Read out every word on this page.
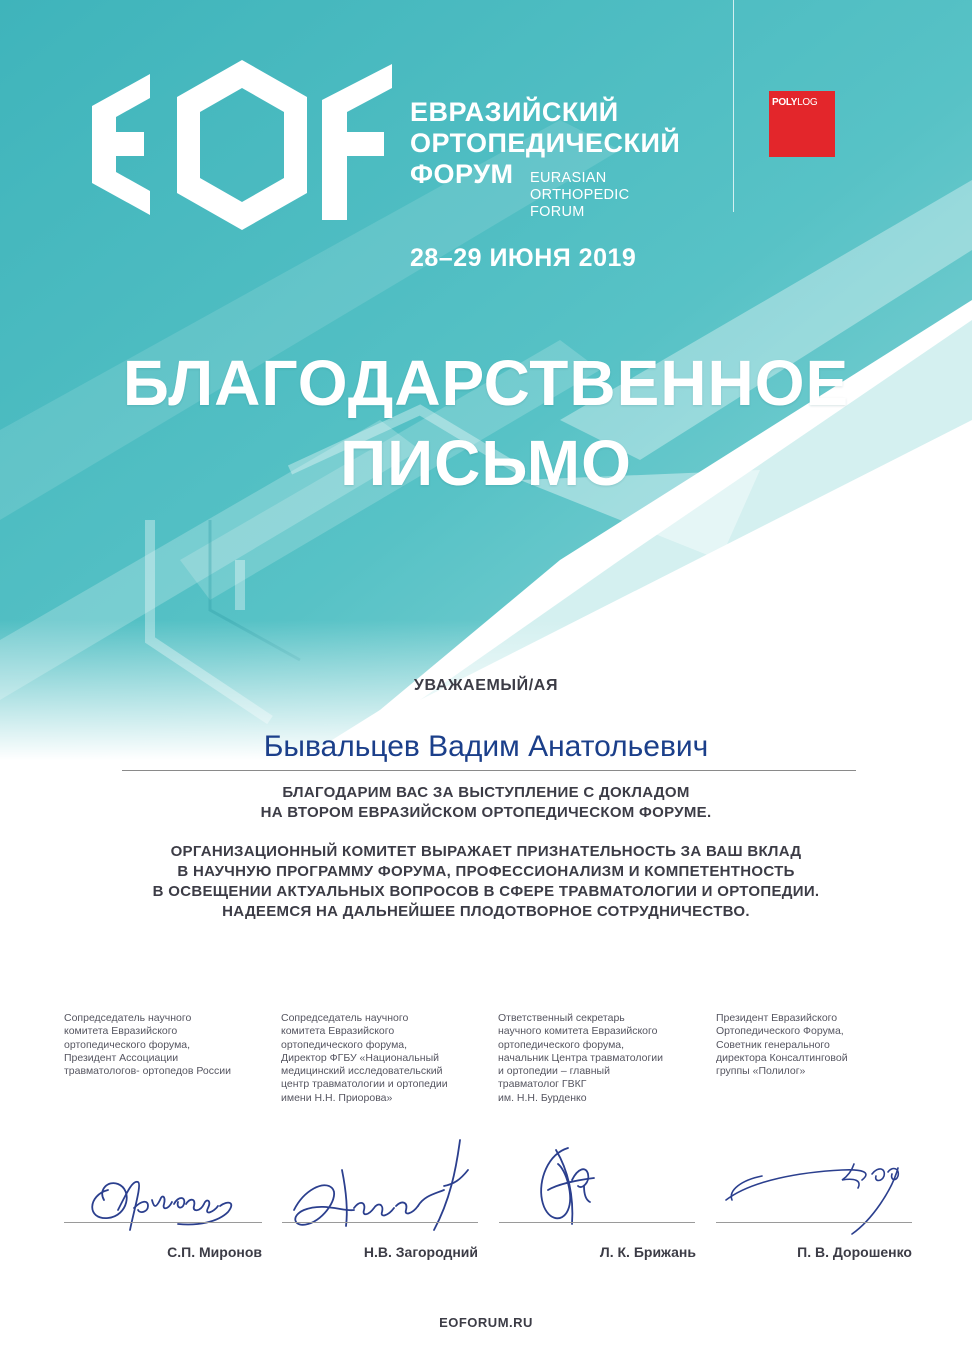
ЕВРАЗИЙСКИЙ
ОРТОПЕДИЧЕСКИЙ
ФОРУМ	EURASIAN
ORTHOPEDIC
FORUM
28–29 ИЮНЯ 2019
POLYLOG
БЛАГОДАРСТВЕННОЕ
ПИСЬМО
УВАЖАЕМЫЙ/АЯ
Бывальцев Вадим Анатольевич
БЛАГОДАРИМ ВАС ЗА ВЫСТУПЛЕНИЕ С ДОКЛАДОМ
НА ВТОРОМ ЕВРАЗИЙСКОМ ОРТОПЕДИЧЕСКОМ ФОРУМЕ.
ОРГАНИЗАЦИОННЫЙ КОМИТЕТ ВЫРАЖАЕТ ПРИЗНАТЕЛЬНОСТЬ ЗА ВАШ ВКЛАД
В НАУЧНУЮ ПРОГРАММУ ФОРУМА, ПРОФЕССИОНАЛИЗМ И КОМПЕТЕНТНОСТЬ
В ОСВЕЩЕНИИ АКТУАЛЬНЫХ ВОПРОСОВ В СФЕРЕ ТРАВМАТОЛОГИИ И ОРТОПЕДИИ.
НАДЕЕМСЯ НА ДАЛЬНЕЙШЕЕ ПЛОДОТВОРНОЕ СОТРУДНИЧЕСТВО.
Сопредседатель научного
комитета Евразийского
ортопедического форума,
Президент Ассоциации
травматологов- ортопедов России
Сопредседатель научного
комитета Евразийского
ортопедического форума,
Директор ФГБУ «Национальный
медицинский исследовательский
центр травматологии и ортопедии
имени Н.Н. Приорова»
Ответственный секретарь
научного комитета Евразийского
ортопедического форума,
начальник Центра травматологии
и ортопедии – главный
травматолог ГВКГ
им. Н.Н. Бурденко
Президент Евразийского
Ортопедического Форума,
Советник генерального
директора Консалтинговой
группы «Полилог»
С.П. Миронов	Н.В. Загородний	Л. К. Брижань	П. В. Дорошенко
EOFORUM.RU
